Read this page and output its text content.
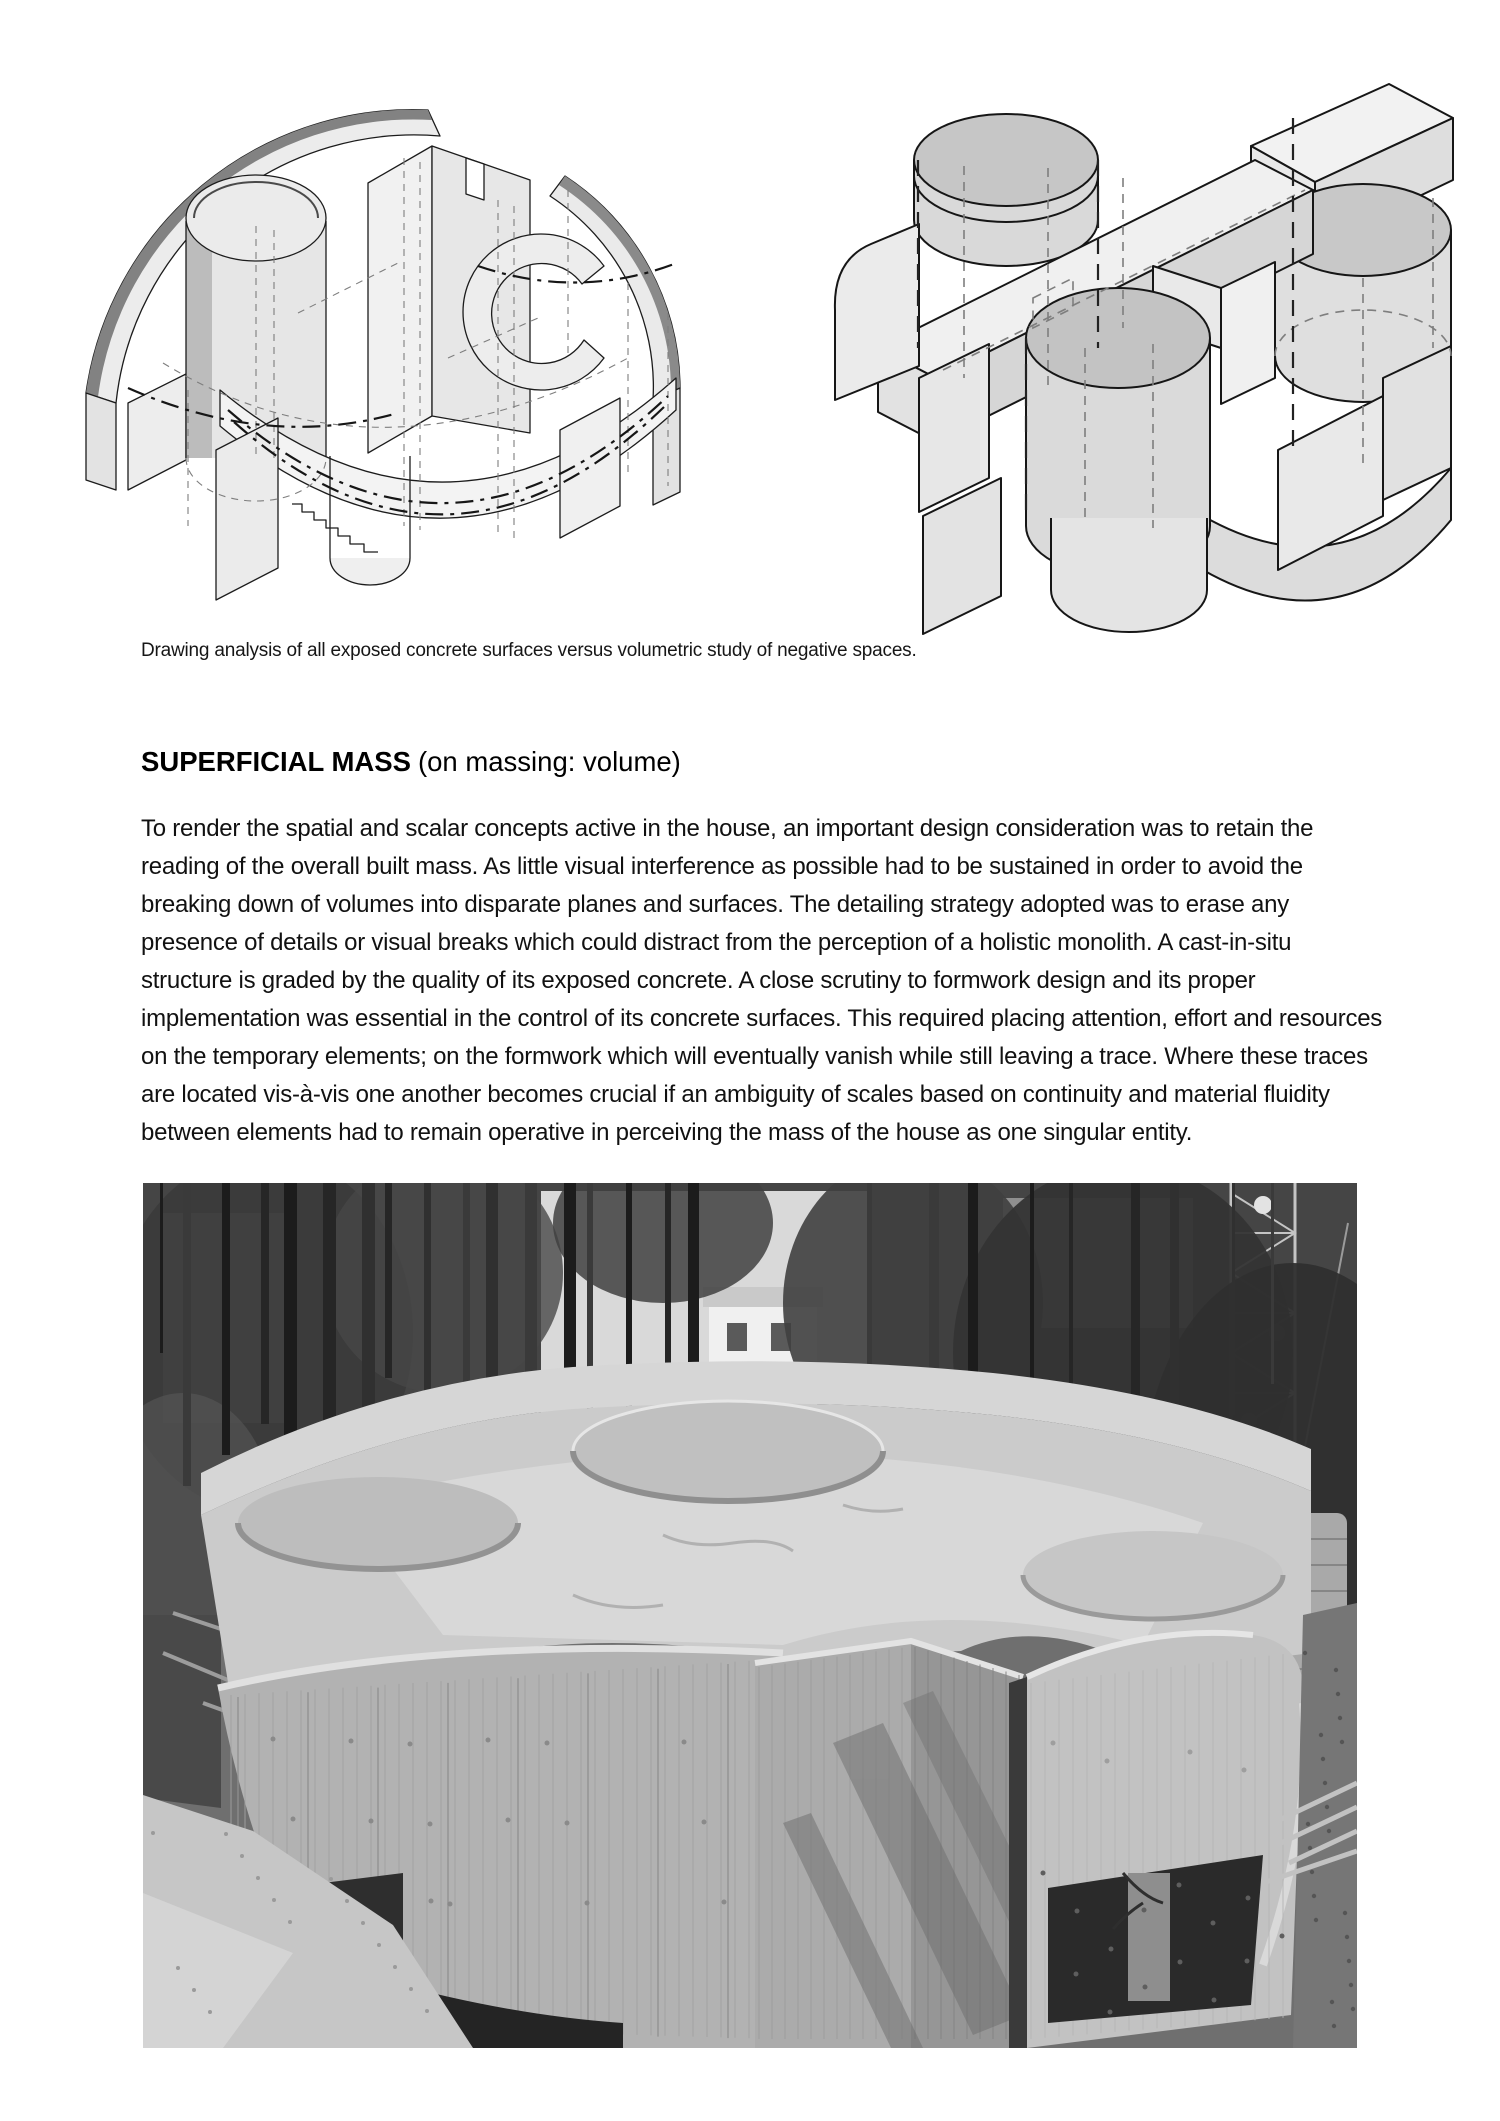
Drawing analysis of all exposed concrete surfaces versus volumetric study of negative spaces.
SUPERFICIAL MASS (on massing: volume)
To render the spatial and scalar concepts active in the house, an important design consideration was to retain the reading of the overall built mass. As little visual interference as possible had to be sustained in order to avoid the breaking down of volumes into disparate planes and surfaces. The detailing strategy adopted was to erase any presence of details or visual breaks which could distract from the perception of a holistic monolith. A cast-in-situ structure is graded by the quality of its exposed concrete. A close scrutiny to formwork design and its proper implementation was essential in the control of its concrete surfaces. This required placing attention, effort and resources on the temporary elements; on the formwork which will eventually vanish while still leaving a trace. Where these traces are located vis-à-vis one another becomes crucial if an ambiguity of scales based on continuity and material fluidity between elements had to remain operative in perceiving the mass of the house as one singular entity.
